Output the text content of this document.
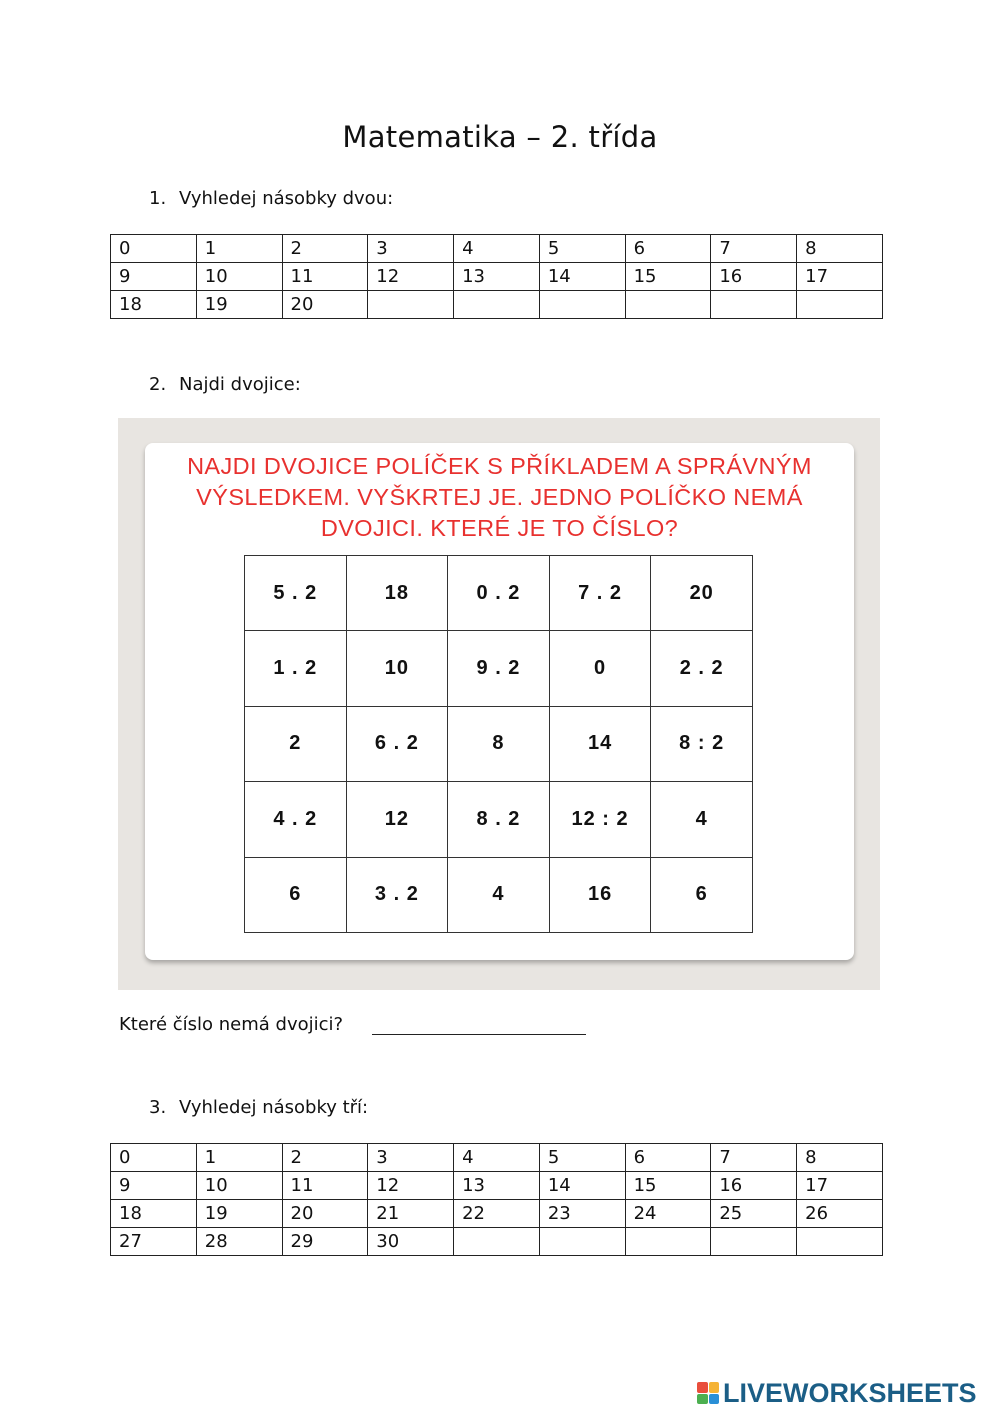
Matematika – 2. třída
1. Vyhledej násobky dvou:
0	1	2	3	4	5	6	7	8
9	10	11	12	13	14	15	16	17
18	19	20						
2. Najdi dvojice:
NAJDI DVOJICE POLÍČEK S PŘÍKLADEM A SPRÁVNÝM
VÝSLEDKEM. VYŠKRTEJ JE. JEDNO POLÍČKO NEMÁ
DVOJICI. KTERÉ JE TO ČÍSLO?
5 . 2	18	0 . 2	7 . 2	20
1 . 2	10	9 . 2	0	2 . 2
2	6 . 2	8	14	8 : 2
4 . 2	12	8 . 2	12 : 2	4
6	3 . 2	4	16	6
Které číslo nemá dvojici?
3. Vyhledej násobky tří:
0	1	2	3	4	5	6	7	8
9	10	11	12	13	14	15	16	17
18	19	20	21	22	23	24	25	26
27	28	29	30					
LIVEWORKSHEETS
